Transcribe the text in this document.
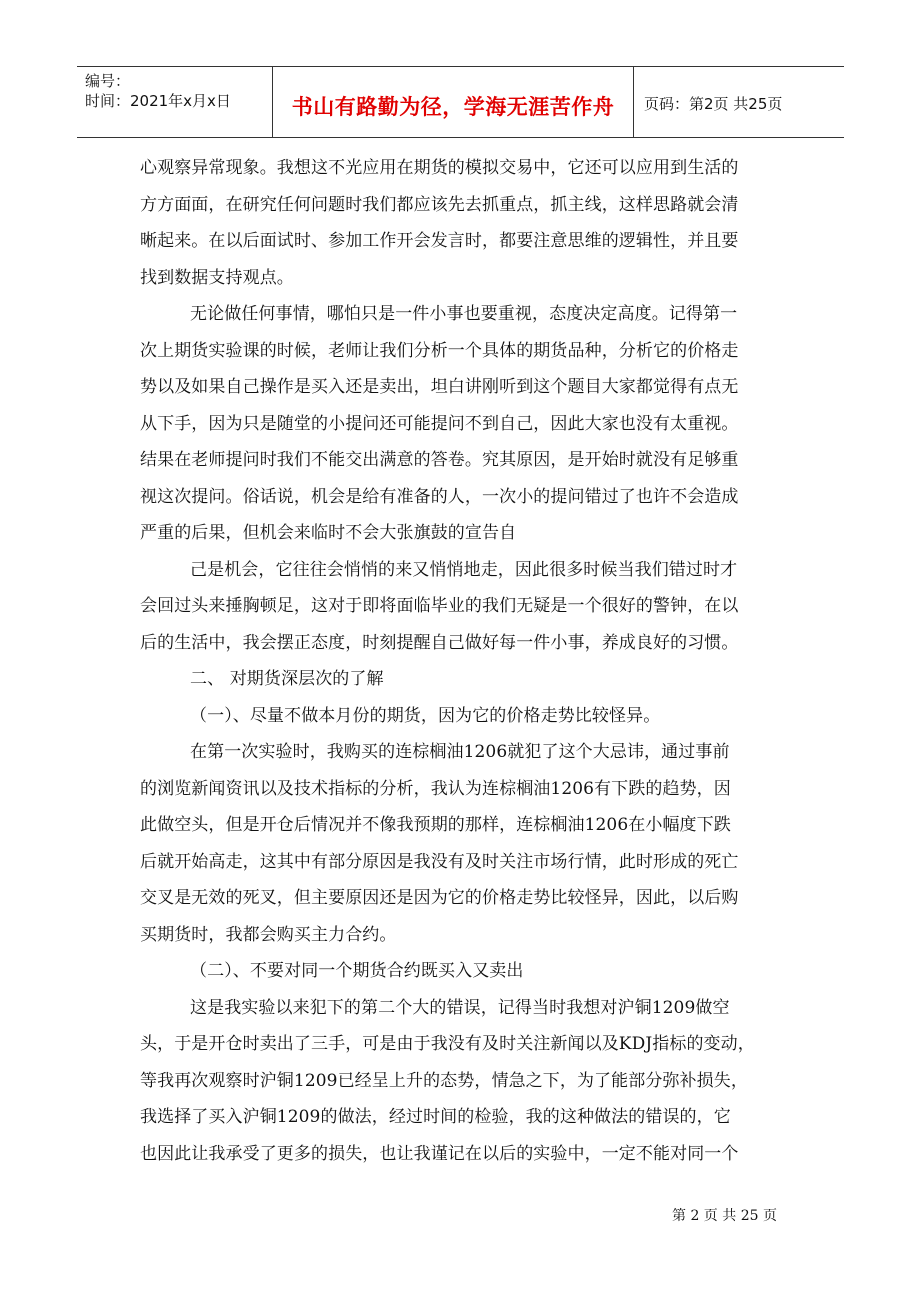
编号：
时间：2021年x月x日	书山有路勤为径，学海无涯苦作舟	页码：第2页 共25页
心观察异常现象。我想这不光应用在期货的模拟交易中，它还可以应用到生活的
方方面面，在研究任何问题时我们都应该先去抓重点，抓主线，这样思路就会清
晰起来。在以后面试时、参加工作开会发言时，都要注意思维的逻辑性，并且要
找到数据支持观点。
无论做任何事情，哪怕只是一件小事也要重视，态度决定高度。记得第一
次上期货实验课的时候，老师让我们分析一个具体的期货品种，分析它的价格走
势以及如果自己操作是买入还是卖出，坦白讲刚听到这个题目大家都觉得有点无
从下手，因为只是随堂的小提问还可能提问不到自己，因此大家也没有太重视。
结果在老师提问时我们不能交出满意的答卷。究其原因，是开始时就没有足够重
视这次提问。俗话说，机会是给有准备的人，一次小的提问错过了也许不会造成
严重的后果，但机会来临时不会大张旗鼓的宣告自
己是机会，它往往会悄悄的来又悄悄地走，因此很多时候当我们错过时才
会回过头来捶胸顿足，这对于即将面临毕业的我们无疑是一个很好的警钟，在以
后的生活中，我会摆正态度，时刻提醒自己做好每一件小事，养成良好的习惯。
二、 对期货深层次的了解
（一）、尽量不做本月份的期货，因为它的价格走势比较怪异。
在第一次实验时，我购买的连棕榈油1206就犯了这个大忌讳，通过事前
的浏览新闻资讯以及技术指标的分析，我认为连棕榈油1206有下跌的趋势，因
此做空头，但是开仓后情况并不像我预期的那样，连棕榈油1206在小幅度下跌
后就开始高走，这其中有部分原因是我没有及时关注市场行情，此时形成的死亡
交叉是无效的死叉，但主要原因还是因为它的价格走势比较怪异，因此，以后购
买期货时，我都会购买主力合约。
（二）、不要对同一个期货合约既买入又卖出
这是我实验以来犯下的第二个大的错误，记得当时我想对沪铜1209做空
头，于是开仓时卖出了三手，可是由于我没有及时关注新闻以及KDJ指标的变动，
等我再次观察时沪铜1209已经呈上升的态势，情急之下，为了能部分弥补损失，
我选择了买入沪铜1209的做法，经过时间的检验，我的这种做法的错误的，它
也因此让我承受了更多的损失，也让我谨记在以后的实验中，一定不能对同一个
第 2 页 共 25 页
